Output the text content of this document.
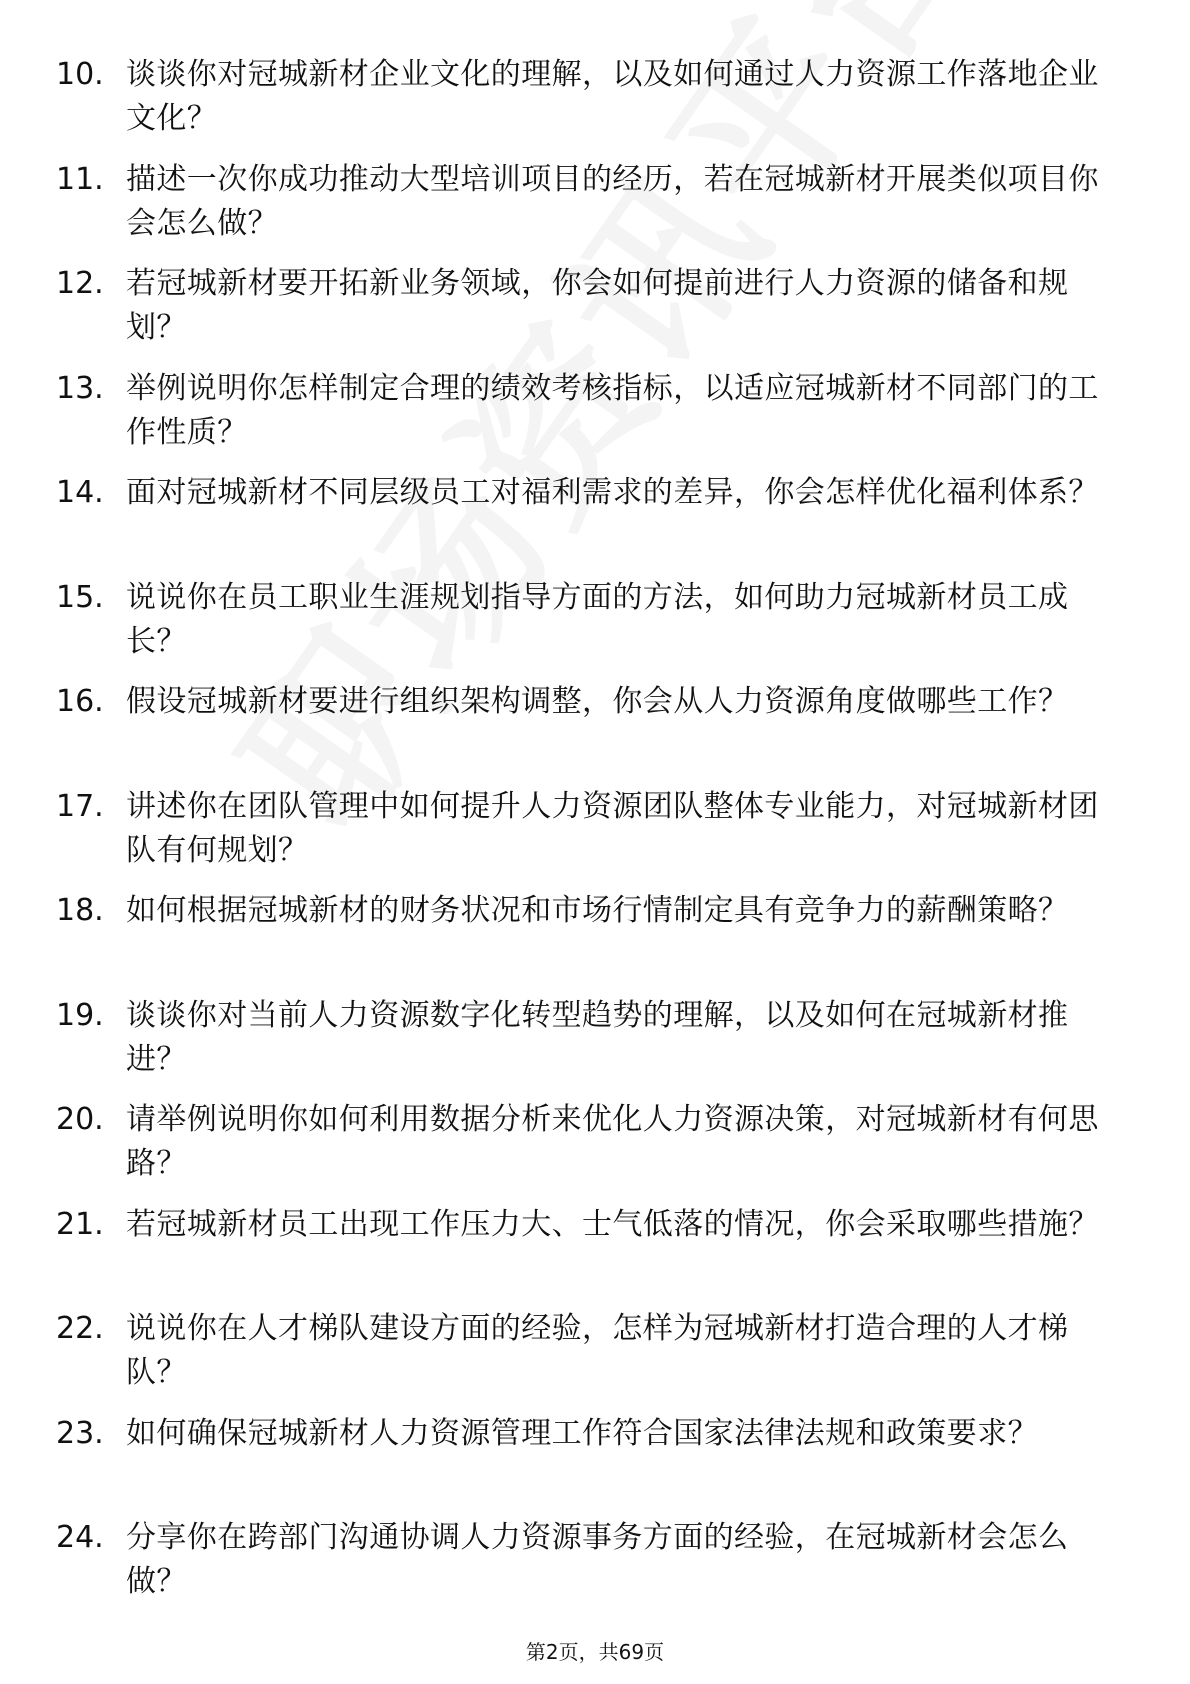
10. 谈谈你对冠城新材企业文化的理解，以及如何通过人力资源工作落地企业文化？
11. 描述一次你成功推动大型培训项目的经历，若在冠城新材开展类似项目你会怎么做？
12. 若冠城新材要开拓新业务领域，你会如何提前进行人力资源的储备和规划？
13. 举例说明你怎样制定合理的绩效考核指标，以适应冠城新材不同部门的工作性质？
14. 面对冠城新材不同层级员工对福利需求的差异，你会怎样优化福利体系？
15. 说说你在员工职业生涯规划指导方面的方法，如何助力冠城新材员工成长？
16. 假设冠城新材要进行组织架构调整，你会从人力资源角度做哪些工作？
17. 讲述你在团队管理中如何提升人力资源团队整体专业能力，对冠城新材团队有何规划？
18. 如何根据冠城新材的财务状况和市场行情制定具有竞争力的薪酬策略？
19. 谈谈你对当前人力资源数字化转型趋势的理解，以及如何在冠城新材推进？
20. 请举例说明你如何利用数据分析来优化人力资源决策，对冠城新材有何思路？
21. 若冠城新材员工出现工作压力大、士气低落的情况，你会采取哪些措施？
22. 说说你在人才梯队建设方面的经验，怎样为冠城新材打造合理的人才梯队？
23. 如何确保冠城新材人力资源管理工作符合国家法律法规和政策要求？
24. 分享你在跨部门沟通协调人力资源事务方面的经验，在冠城新材会怎么做？
第2页，共69页
